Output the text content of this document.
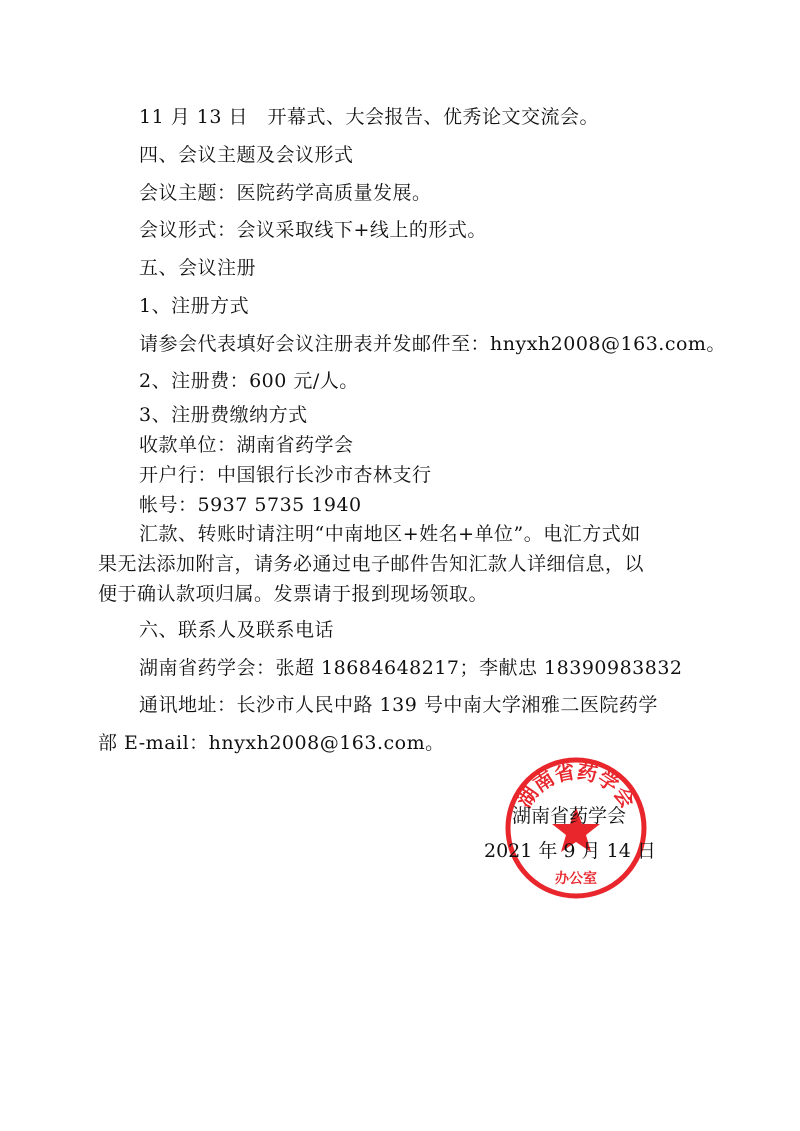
11 月 13 日　开幕式、大会报告、优秀论文交流会。
四、会议主题及会议形式
会议主题：医院药学高质量发展。
会议形式：会议采取线下+线上的形式。
五、会议注册
1、注册方式
请参会代表填好会议注册表并发邮件至：hnyxh2008@163.com。
2、注册费：600 元/人。
3、注册费缴纳方式
收款单位：湖南省药学会
开户行：中国银行长沙市杏林支行
帐号：5937 5735 1940
汇款、转账时请注明“中南地区+姓名+单位”。电汇方式如
果无法添加附言，请务必通过电子邮件告知汇款人详细信息，以
便于确认款项归属。发票请于报到现场领取。
六、联系人及联系电话
湖南省药学会：张超 18684648217；李献忠 18390983832
通讯地址：长沙市人民中路 139 号中南大学湘雅二医院药学
部 E-mail：hnyxh2008@163.com。
湖南省药学会
办公室
湖南省药学会
2021 年 9 月 14 日
